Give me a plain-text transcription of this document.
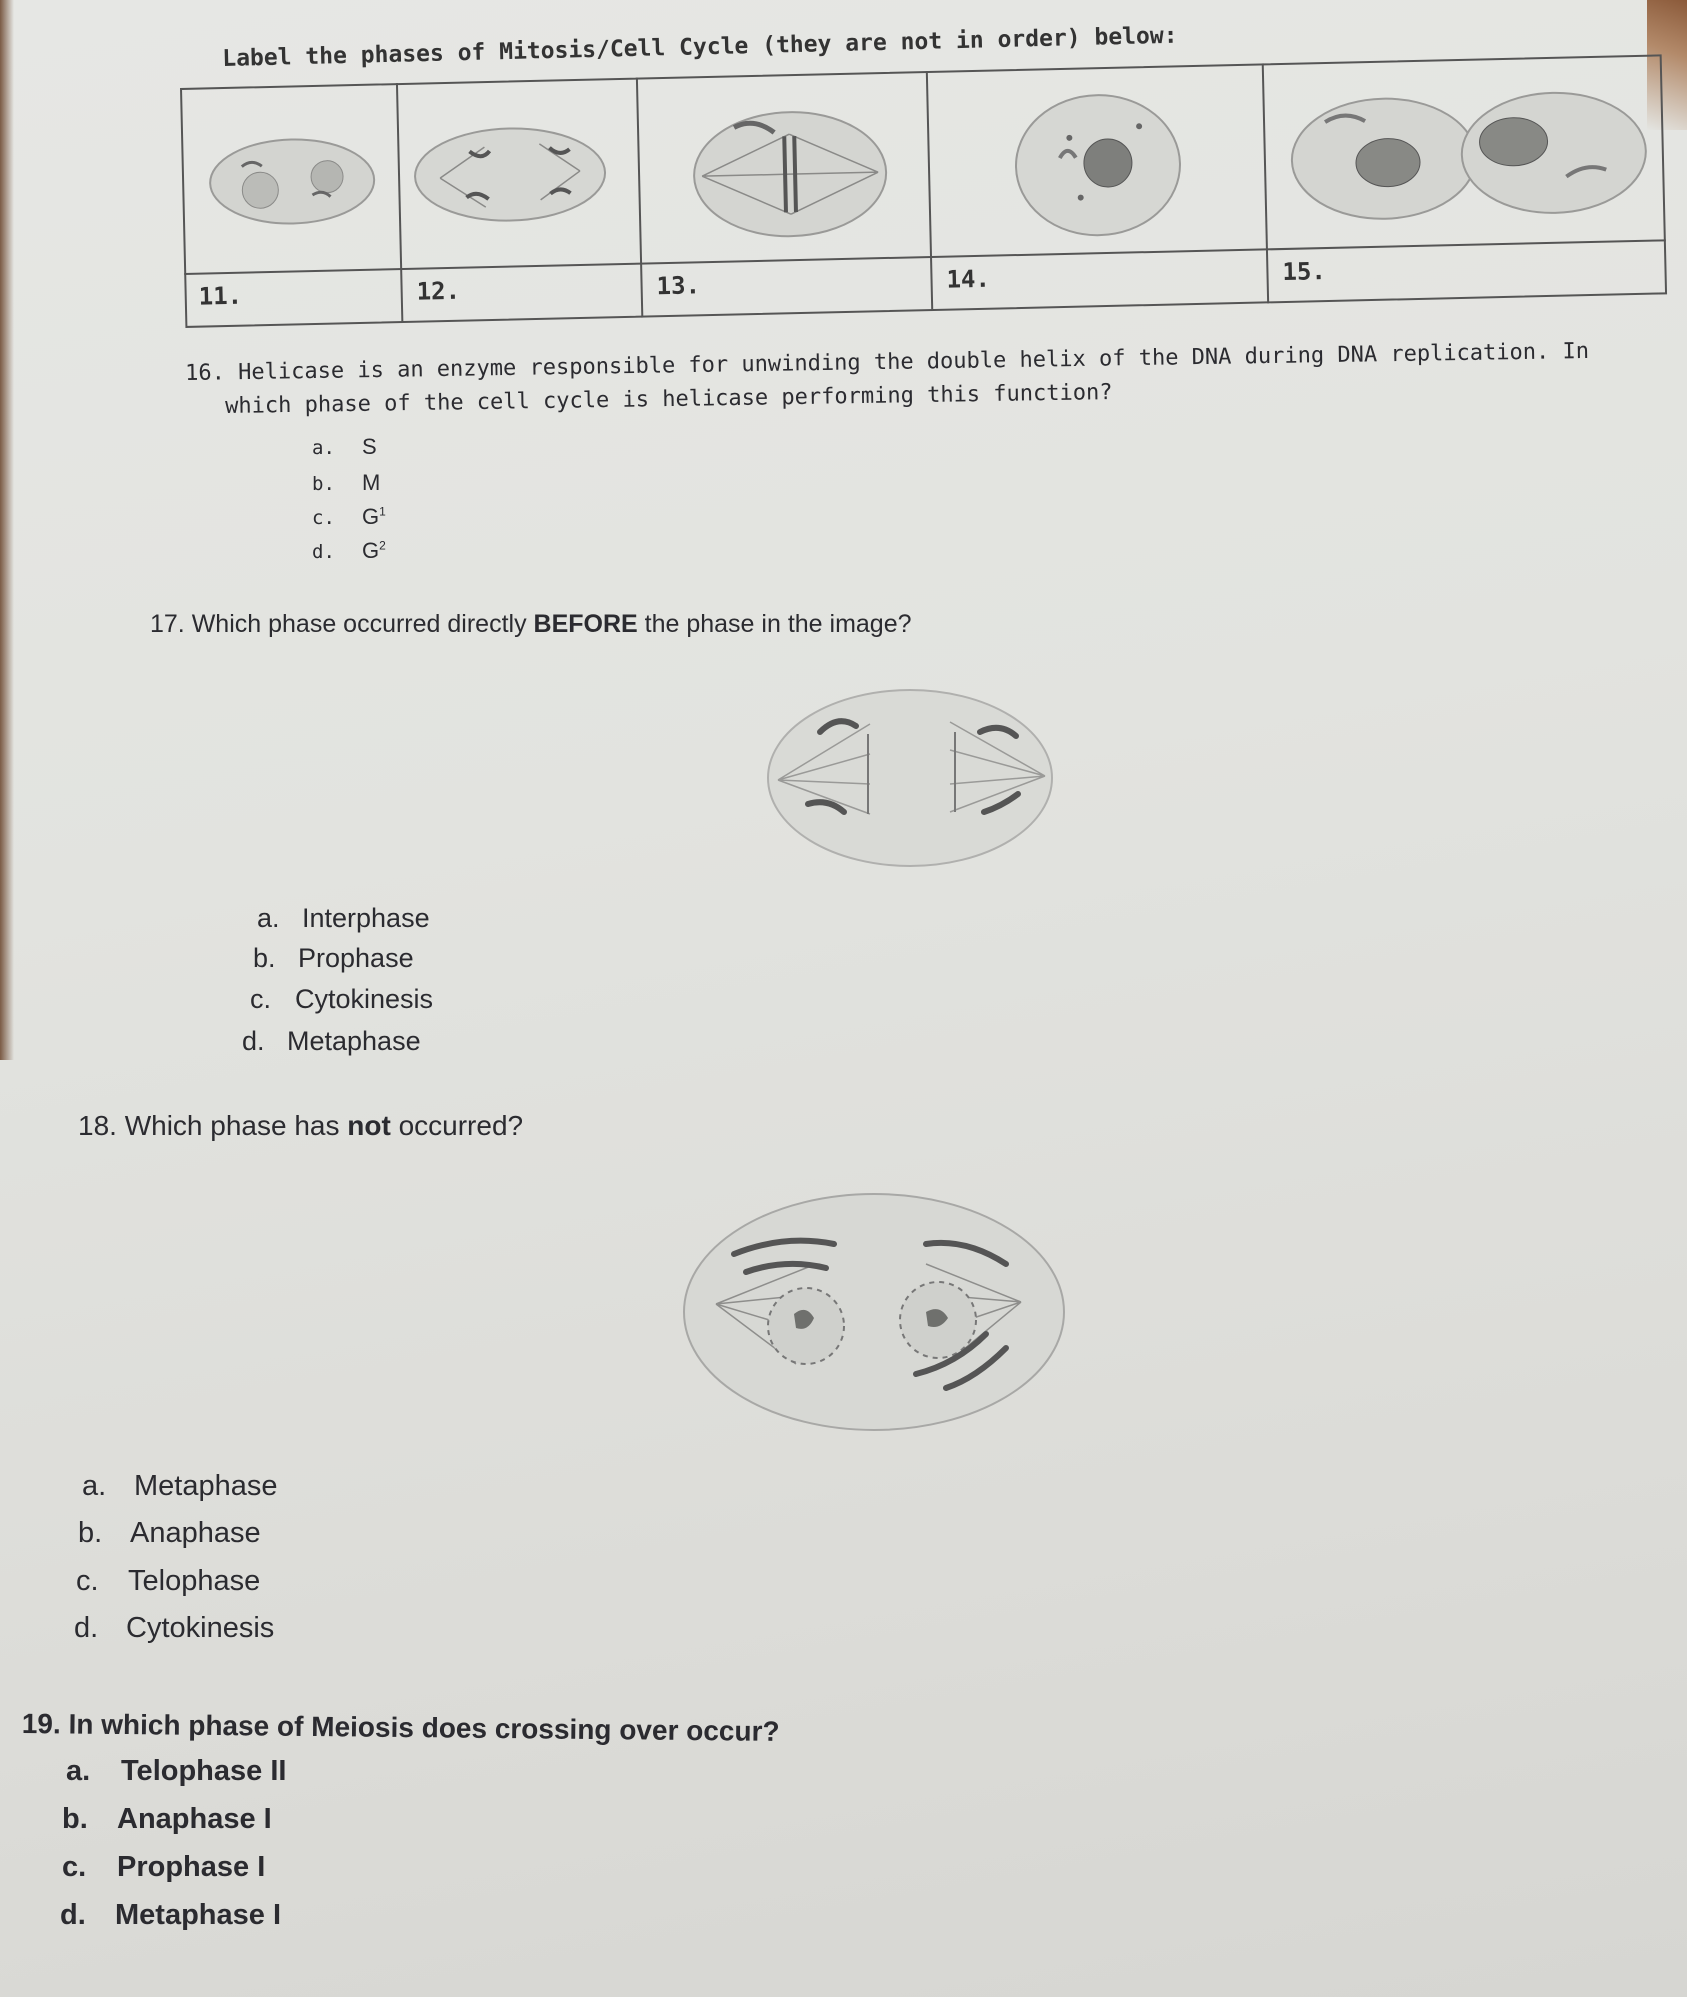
Label the phases of Mitosis/Cell Cycle (they are not in order) below:
11.	12.	13.	14.	15.
16. Helicase is an enzyme responsible for unwinding the double helix of the DNA during DNA replication. In
which phase of the cell cycle is helicase performing this function?
a. S
b. M
c. $G^1$
d. $G^2$
17. Which phase occurred directly BEFORE the phase in the image?
a. Interphase
b. Prophase
c. Cytokinesis
d. Metaphase
18. Which phase has not occurred?
a. Metaphase
b. Anaphase
c. Telophase
d. Cytokinesis
19. In which phase of Meiosis does crossing over occur?
a. Telophase II
b. Anaphase I
c. Prophase I
d. Metaphase I
